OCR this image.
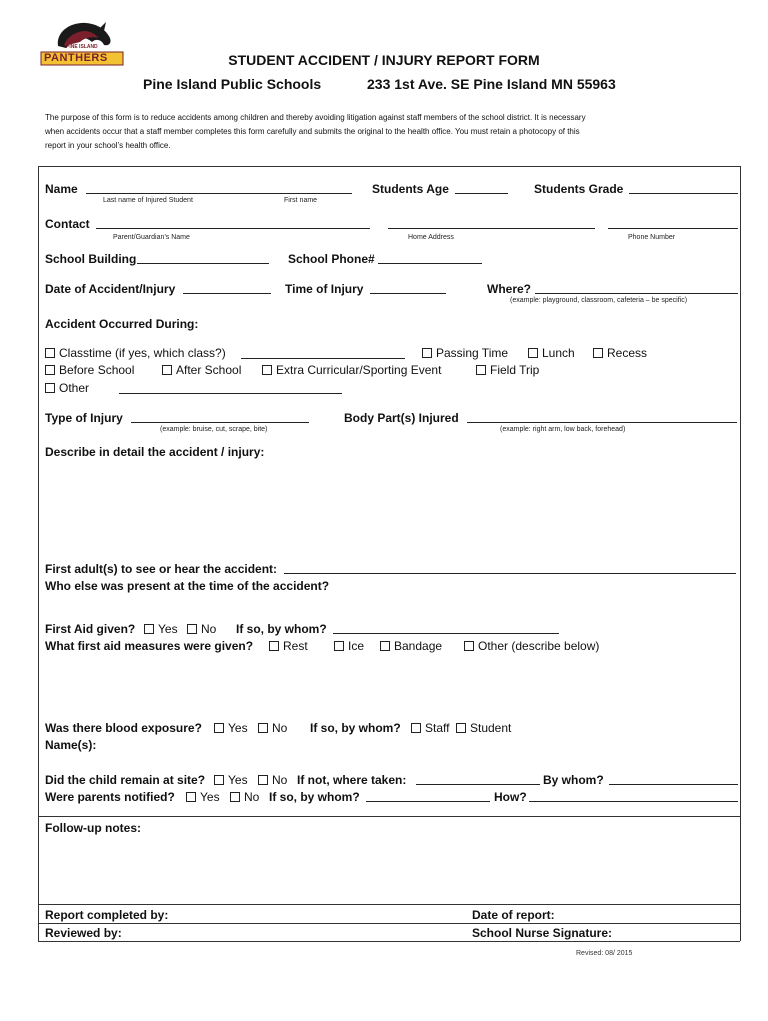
PINE ISLAND
PANTHERS	STUDENT ACCIDENT / INJURY REPORT FORM
Pine Island Public Schools	233 1st Ave. SE Pine Island MN 55963
The purpose of this form is to reduce accidents among children and thereby avoiding litigation against staff members of the school district. It is necessary
when accidents occur that a staff member completes this form carefully and submits the original to the health office. You must retain a photocopy of this
report in your school’s health office.
Name
Last name of Injured Student	First name
Students Age	Students Grade
Contact
Parent/Guardian’s Name	Home Address	Phone Number
School Building	School Phone#
Date of Accident/Injury	Time of Injury	Where?
(example: playground, classroom, cafeteria – be specific)
Accident Occurred During:
Classtime (if yes, which class?)	Passing Time	Lunch	Recess
Before School	After School	Extra Curricular/Sporting Event	Field Trip
Other
Type of Injury
(example: bruise, cut, scrape, bite)
Body Part(s) Injured
(example: right arm, low back, forehead)
Describe in detail the accident / injury:
First adult(s) to see or hear the accident:
Who else was present at the time of the accident?
First Aid given?	Yes	No If so, by whom?
What first aid measures were given?	Rest	Ice	Bandage	Other (describe below)
Was there blood exposure?	Yes	No If so, by whom?	Staff	Student
Name(s):
Did the child remain at site?	Yes	No If not, where taken:	By whom?
Were parents notified?	Yes	No If so, by whom?	How?
Follow-up notes:
Report completed by:	Date of report:
Reviewed by:	School Nurse Signature:
Revised: 08/ 2015
